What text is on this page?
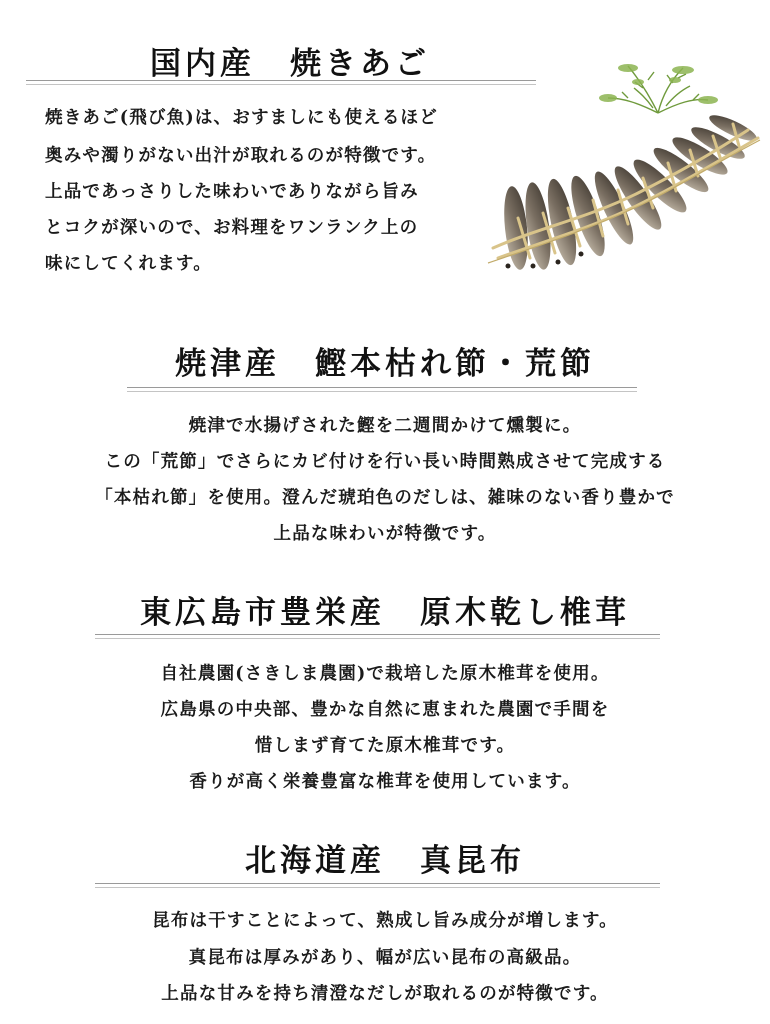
国内産　焼きあご
焼きあご(飛び魚)は、おすましにも使えるほど
奥みや濁りがない出汁が取れるのが特徴です。
上品であっさりした味わいでありながら旨み
とコクが深いので、お料理をワンランク上の
味にしてくれます。
焼津産　鰹本枯れ節・荒節
焼津で水揚げされた鰹を二週間かけて燻製に。
この「荒節」でさらにカビ付けを行い長い時間熟成させて完成する
「本枯れ節」を使用。澄んだ琥珀色のだしは、雑味のない香り豊かで
上品な味わいが特徴です。
東広島市豊栄産　原木乾し椎茸
自社農園(さきしま農園)で栽培した原木椎茸を使用。
広島県の中央部、豊かな自然に恵まれた農園で手間を
惜しまず育てた原木椎茸です。
香りが高く栄養豊富な椎茸を使用しています。
北海道産　真昆布
昆布は干すことによって、熟成し旨み成分が増します。
真昆布は厚みがあり、幅が広い昆布の高級品。
上品な甘みを持ち清澄なだしが取れるのが特徴です。
